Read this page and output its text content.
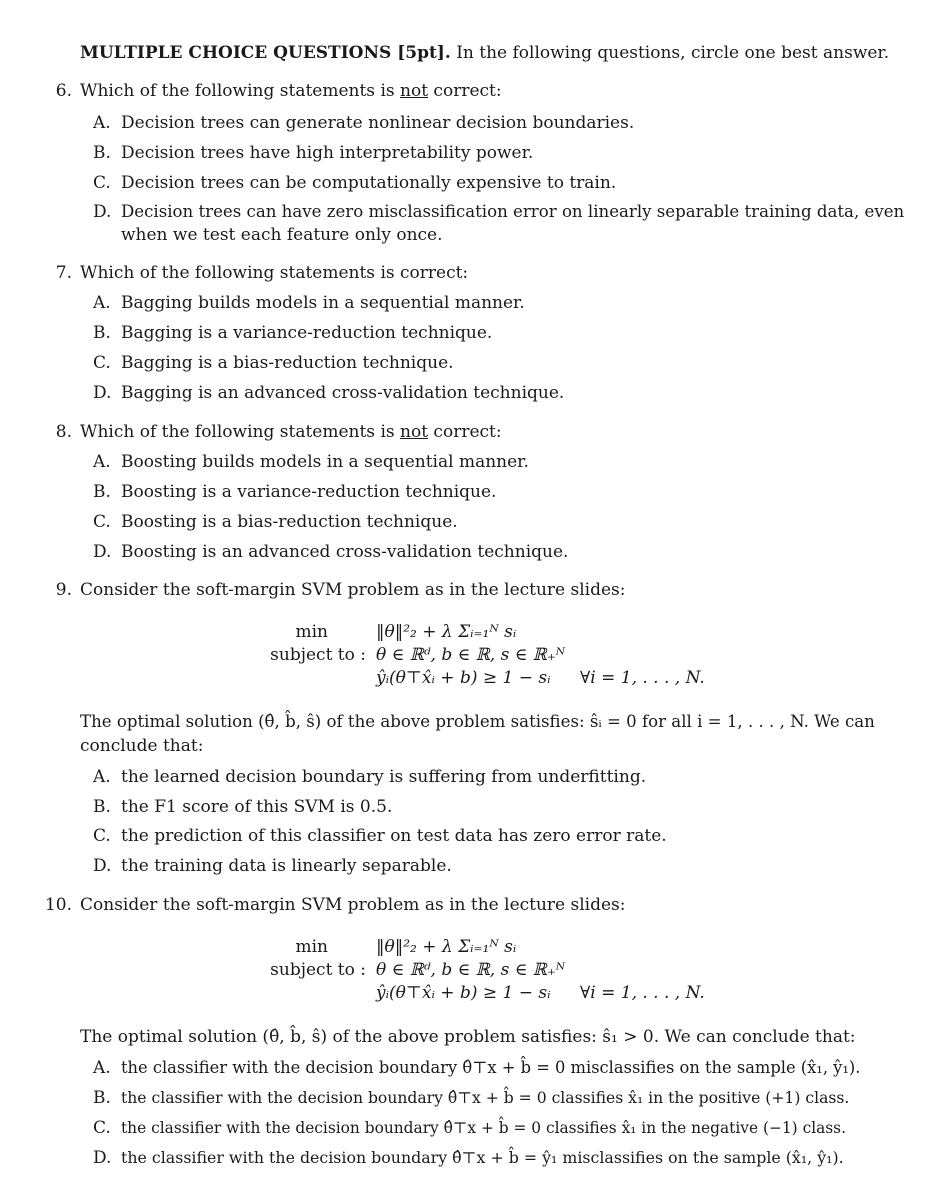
MULTIPLE CHOICE QUESTIONS [5pt]. In the following questions, circle one best answer.
6. Which of the following statements is not correct:
A. Decision trees can generate nonlinear decision boundaries.
B. Decision trees have high interpretability power.
C. Decision trees can be computationally expensive to train.
D. Decision trees can have zero misclassification error on linearly separable training data, even
when we test each feature only once.
7. Which of the following statements is correct:
A. Bagging builds models in a sequential manner.
B. Bagging is a variance-reduction technique.
C. Bagging is a bias-reduction technique.
D. Bagging is an advanced cross-validation technique.
8. Which of the following statements is not correct:
A. Boosting builds models in a sequential manner.
B. Boosting is a variance-reduction technique.
C. Boosting is a bias-reduction technique.
D. Boosting is an advanced cross-validation technique.
9. Consider the soft-margin SVM problem as in the lecture slides:
min	‖θ‖²₂ + λ Σᵢ₌₁ᴺ sᵢ
subject to : θ ∈ ℝᵈ, b ∈ ℝ, s ∈ ℝ₊ᴺ
ŷᵢ(θ⊤x̂ᵢ + b) ≥ 1 − sᵢ ∀i = 1, . . . , N.
The optimal solution (θ̂, b̂, ŝ) of the above problem satisfies: ŝᵢ = 0 for all i = 1, . . . , N. We can
conclude that:
A. the learned decision boundary is suffering from underfitting.
B. the F1 score of this SVM is 0.5.
C. the prediction of this classifier on test data has zero error rate.
D. the training data is linearly separable.
10. Consider the soft-margin SVM problem as in the lecture slides:
min	‖θ‖²₂ + λ Σᵢ₌₁ᴺ sᵢ
subject to : θ ∈ ℝᵈ, b ∈ ℝ, s ∈ ℝ₊ᴺ
ŷᵢ(θ⊤x̂ᵢ + b) ≥ 1 − sᵢ ∀i = 1, . . . , N.
The optimal solution (θ̂, b̂, ŝ) of the above problem satisfies: ŝ₁ > 0. We can conclude that:
A. the classifier with the decision boundary θ̂⊤x + b̂ = 0 misclassifies on the sample (x̂₁, ŷ₁).
B. the classifier with the decision boundary θ̂⊤x + b̂ = 0 classifies x̂₁ in the positive (+1) class.
C. the classifier with the decision boundary θ̂⊤x + b̂ = 0 classifies x̂₁ in the negative (−1) class.
D. the classifier with the decision boundary θ̂⊤x + b̂ = ŷ₁ misclassifies on the sample (x̂₁, ŷ₁).
